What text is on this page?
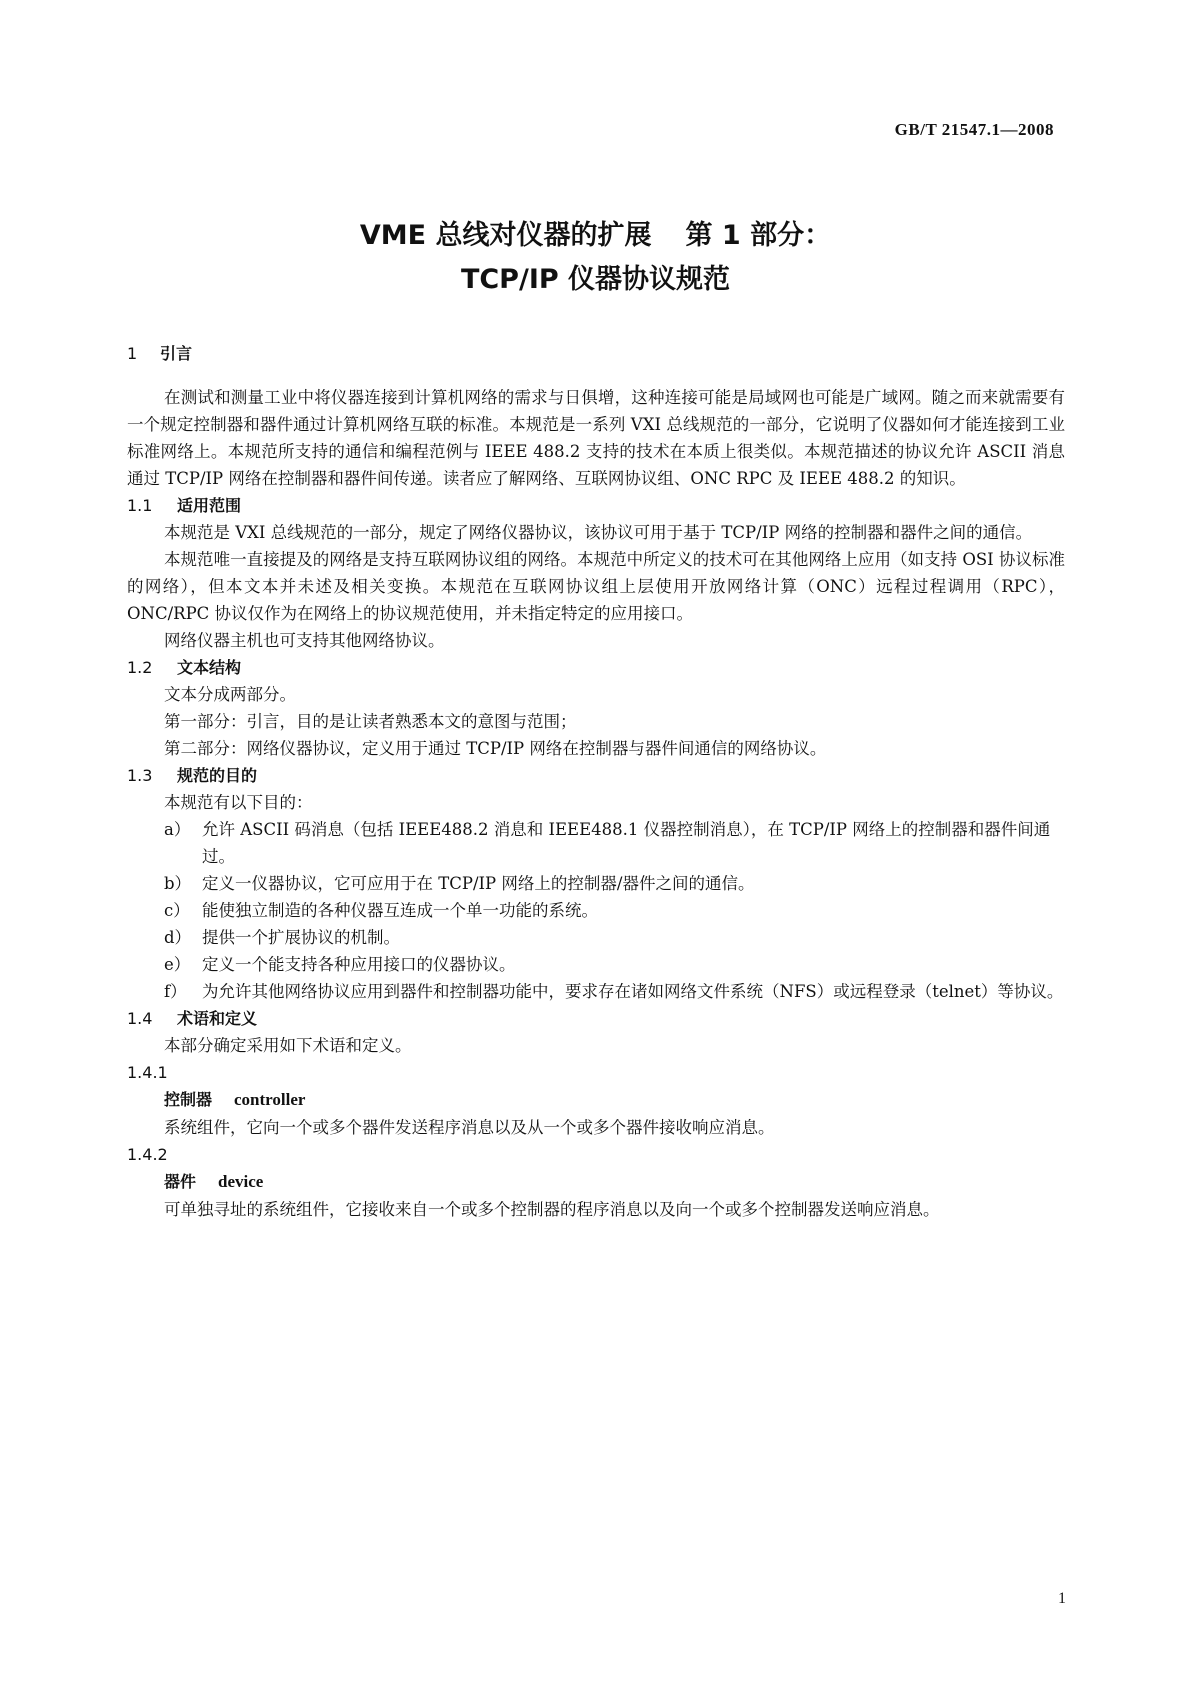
GB/T 21547.1—2008
VME 总线对仪器的扩展 第 1 部分：
TCP/IP 仪器协议规范
1 引言
在测试和测量工业中将仪器连接到计算机网络的需求与日俱增，这种连接可能是局域网也可能是广域网。随之而来就需要有一个规定控制器和器件通过计算机网络互联的标准。本规范是一系列 VXI 总线规范的一部分，它说明了仪器如何才能连接到工业标准网络上。本规范所支持的通信和编程范例与 IEEE 488.2 支持的技术在本质上很类似。本规范描述的协议允许 ASCII 消息通过 TCP/IP 网络在控制器和器件间传递。读者应了解网络、互联网协议组、ONC RPC 及 IEEE 488.2 的知识。
1.1 适用范围
本规范是 VXI 总线规范的一部分，规定了网络仪器协议，该协议可用于基于 TCP/IP 网络的控制器和器件之间的通信。
本规范唯一直接提及的网络是支持互联网协议组的网络。本规范中所定义的技术可在其他网络上应用（如支持 OSI 协议标准的网络），但本文本并未述及相关变换。本规范在互联网协议组上层使用开放网络计算（ONC）远程过程调用（RPC），ONC/RPC 协议仅作为在网络上的协议规范使用，并未指定特定的应用接口。
网络仪器主机也可支持其他网络协议。
1.2 文本结构
文本分成两部分。
第一部分：引言，目的是让读者熟悉本文的意图与范围；
第二部分：网络仪器协议，定义用于通过 TCP/IP 网络在控制器与器件间通信的网络协议。
1.3 规范的目的
本规范有以下目的：
a） 允许 ASCII 码消息（包括 IEEE488.2 消息和 IEEE488.1 仪器控制消息），在 TCP/IP 网络上的控制器和器件间通过。
b） 定义一仪器协议，它可应用于在 TCP/IP 网络上的控制器/器件之间的通信。
c） 能使独立制造的各种仪器互连成一个单一功能的系统。
d） 提供一个扩展协议的机制。
e） 定义一个能支持各种应用接口的仪器协议。
f） 为允许其他网络协议应用到器件和控制器功能中，要求存在诸如网络文件系统（NFS）或远程登录（telnet）等协议。
1.4 术语和定义
本部分确定采用如下术语和定义。
1.4.1
控制器 controller
系统组件，它向一个或多个器件发送程序消息以及从一个或多个器件接收响应消息。
1.4.2
器件 device
可单独寻址的系统组件，它接收来自一个或多个控制器的程序消息以及向一个或多个控制器发送响应消息。
1
